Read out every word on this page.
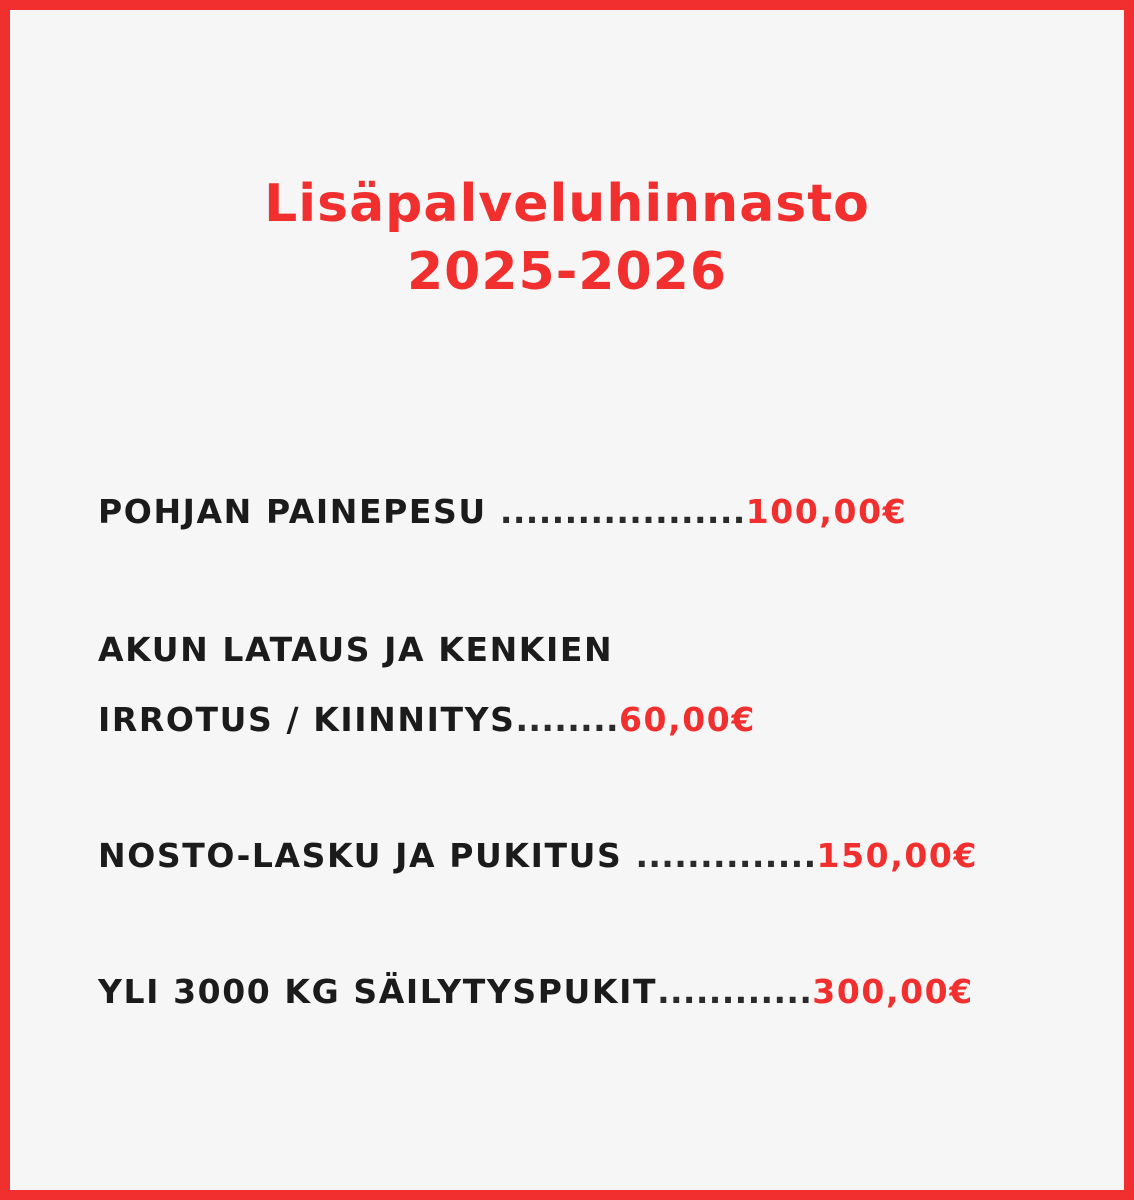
Lisäpalveluhinnasto
2025-2026
POHJAN PAINEPESU ...................100,00€
AKUN LATAUS JA KENKIEN
IRROTUS / KIINNITYS........60,00€
NOSTO-LASKU JA PUKITUS ..............150,00€
YLI 3000 KG SÄILYTYSPUKIT............300,00€
